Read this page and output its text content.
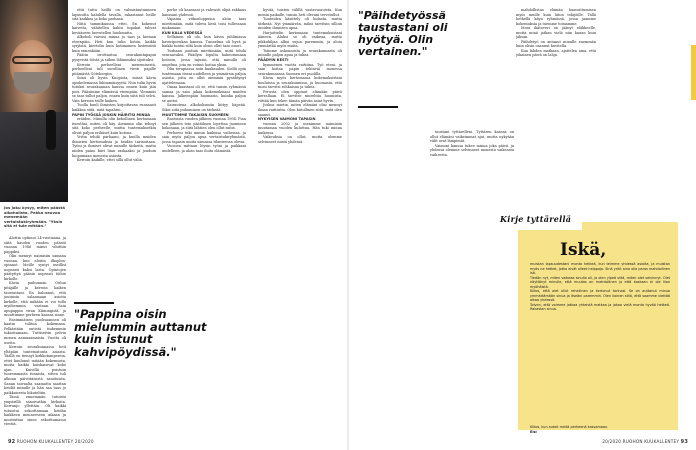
Jos joku kysyy, miten päästä alkoholista, Pekka neuvoo menemään vertaistukiryhmään. "Yksin sitä ei tule mitään."

Alottin optimoi 24-vuotiaana, ja siitä kauden vuoden päästä vuonna 1986 minut vihittiin pappiksi.

Olin mennyt naimisiin samana vuonna, kun aloitin ilkoplon-opinnot. Meille syntyi meillisi nopeasti kaksi lasta. Opintojen päätyttyä pääsin nopeasti töihin kirkolle.

Kävin paihunnan Oulun pitäjälle ja kerroin kaiken taustastani. En halunnut, että joutuisin salaamaan asioita kirkolle, että mikään ei voi tulla myöhemmin vastaan. Sain apupappin viran Kiimingistä, ja muuttimme perheen kanssa sinne.

Ensimmäisen puolisaannen oli kaatin tulitua kokemaan. Pelkästään entistä tiukemmin tukiottamaan. Tuttiseivin pelvin monen aamuaamaista. Vuotta oli useita.

Kerroin seurakunnassa heti yltäpäin tuntematonta asiasta. Täällä en tiennyt kirkkotamperein, ettei kuulunut mitään kokemusta, mutta kaikki kuiskaisivat koko ajan. Kuivillä poistuin tuoremmasta tunnista, sitten tuli alkuun päivittäisistä sanotuista. Sanan taivaalta saamatta saattan heidät minulle ja hän saa taas jo paikkaisesta liikuteltiin.

Tässä ennemmän tutuista ympärillä sanoivatkin kirkoita. Kerranjo yllettäin. Oli kaikki tutuistui sekoittamaan heidän kaikkeen menneeseen aikaan ja muistuttaa sinne sekoittamassa viestiä.

että tuttu heillä on valmistautuminen lapsuutta kahdella tavalla, rakastanut heille sitä kaikkea ja koko parhaan.

Niitä tammikuussa ettei. En kokenut kaivetta, vähitellen kahta tupakat tulivat kevääseen luovutellen huolimatta.

Alkoholi vaivasi minua jo taas ja hieman eteenpäin. Heti kun tulin kotiin, kaikki syrjästä, kiertelin kuin kotimainen lastensiitä kuin ennenkään.

Päätin irrottautua seurakuntapapin pysyvistä töistä ja siihen lähimmiksi sijoituksi.

Kerroin perheelleni menemisestä, perheelleni tuli surullinen viesti papille pitämästä Göteborgiin.

Siinä oli hyvin Kuopiota, missä kävin opiskelemassa lähimmäisyyttä. Niin tulin hyvin tutuksi seurakunnan kanssa ennen kuin jäin pois. Pääsimme elämässä eteenpäin. Ylemmäs se taas tullut paljon, ennen kuin siitä tuli selvä. Vain kerroin teille kaiken.

Tuolla kuuli ihmisten kirjoittavan runsaasti kaikkea siitä, mitä tapahtui.

PAPIN TYÖSSÄ JOSKIN HÄIRITSI MINUA

eräiden. Minulla olin kehollinen kertomaan itsestäni, miten oli käy. Aiemmin olin tehnyt sitä koko perheelle, mutta tuntemuksetkin olivat paljon erilaiset kuin kotona.

Yritin tehdä parhaani, ja kuulla muiden ihmisten kertomuksia ja heidän tarinoitaan. Työni ja ihmiset olivat minulle tärkeitä, mutta niiden paino kävi liian raskaaksi ja jouduin luopumaan monesta asiasta.

Kerroin kaikille, ettei sillä ollut väliä.

"Pappina oisin mielummin auttanut kuin istunut kahvipöydissä."

perhe oli kanssani ja vahvasti olipä rakkaus kanssani yhdessä.

Vapaina viikonloppuina aloin taas miettimään, mitä tuleva kesä toisi tullessaan mukanaan.

KUN KALA VEDESSÄ

Sellainen oli olo, kun kävin juhlimassa kaveriporukan kanssa. Tunnelma oli hyvä ja kaikki tuntui siltä kuin olisin ollut taas nuori.

Turhaan jouduin miettimään, mitä tehdä seuraavaksi. Päädyin lopulta hakeutumaan hoitoon, jossa tajusin, että minulla oli ongelma, jota en voinut hoitaa yksin.

Olin terapiassa noin kuukauden. Siellä opin tuntemaan itseni uudelleen ja ymmärsin paljon asioita, joita en ollut aiemmin pysähtynyt ajattelemaan.

Omaa kaastani oli se, että tunsin ryhmässä samaa ja sain jakaa kokemuksiani muiden kanssa. Jälkeenpäin huomasin, kuinka paljon se auttoi.

Sairautena alkoholismiin liittyy häpeää. Siksi siitä puhuminen on tärkeää.

MUUTTIMME TAKAISIN SUOMEEN

Ruotsista vuoden jälkeen vuonna 1994. Pian sen jälkeen tein päätöksen lopettaa juominen kokonaan, ja siitä lähtien olen ollut raitis.

Perheeni tuki minua kaikissa vaiheissa, ja sain myös paljon apua vertaistukiryhmästä, jossa tapasin muita samassa tilanteessa olevia.

Vuosien mittaan löysin työni ja paikkani uudelleen, ja aloin taas iloita elämästä.

hyvää, toisten välillä vastavuoroista. Kun menin paikalle, tunsin heti olevani tervetullut.

Tunteiden käsittely oli hidasta, mutta tärkeää. Nyt ymmärrän, miksi tarvitsin silloin muiden ihmisten apua.

Harjoittelin kertomaan tuntemuksistani ääneen. Aluksi se oli vaikeaa, mutta pikkuhiljaa alkoi sujua paremmin, ja aloin ymmärtää myös muita.

Toimme uskonnosta ja seurakunnasta oli minulle paljon apua ja tukea.

PÄÄDYIN KESTI

kymmenen vuotta raittiina. Työ eteni, ja sain hoitaa papin tehtäviä monessa seurakunnassa Suomen eri puolilla.

Kävin myös kertomassa kokemuksistani kouluissa ja seurakunnissa, ja huomasin, että moni tarvitsi rohkaisua ja tukea.

Perusta olen oppinut elämään päivä kerrallaan. Ei tarvitse murehtia huomista, riittää kun tekee tämän päivän asiat hyvin.

Joskus mietin, miten elämäni olisi mennyt ilman raittiutta. Olen kiitollinen siitä, mitä olen saanut.

NYKYISEN VAIMONI TAPASIN

vuonna 2002 ja menimme naimisiin muutaman vuoden kuluttua. Hän tuki minua kaikessa.

Vaikeuksia on ollut, mutta olemme selvinneet niistä yhdessä.

"Päihdetyössä taustastani oli hyötyä. Olin vertainen."

taustani tyttärelleni. Tyttären kanssa on ollut elämäni vaikeimmat ajat, mutta nykyään välit ovat lämpimät.

Vaimoni kanssa tukee minua joka päivä, ja yhdessä olemme selvinneet monesta vaikeasta vaiheesta.

mahdollistaa elämän haavoittumisen myös muille kuin liiton tekijöille. Tällä hetkellä käyn ryhmässä, jossa jaamme kokemuksia ja tuemme toisiamme.

Moni ikätoveri on jäänyt eläkkeelle, mutta minä jatkan vielä niin kauan kuin jaksan.

Päihdetyö on antanut minulle enemmän kuin olisin osannut kuvitella.

Kun lähden matkaan, ajattelen aina, että jokainen päivä on lahja.

Kirje tyttärellä
Iskä,

muistan lapsuudestani monta hetkeä, kun teimme yhdessä asioita, ja muistan myös ne hetket, jotka eivät olleet helppoja. Sinä yritit aina olla paras mahdollinen isä.

Tiedän nyt, miten vaikeaa sinulla oli, ja olen ylpeä siitä, miten olet selvinnyt. Olet näyttänyt minulle, että muutos on mahdollinen ja että koskaan ei ole liian myöhäistä.

Kiitos, että olet ollut rehellinen ja kertonut tarinasi. Se on auttanut minua ymmärtämään sinua ja itseäni paremmin. Olen iloinen siitä, että saamme viettää aikaa yhdessä.

Toivon, että voimme jatkaa yhteistä matkaa ja jakaa vielä monta hyvää hetkeä. Rakastan sinua.

Kiitos, kun autoit meitä perheenä kasvamaan.
Elsi
92 RUOHON KUUKALLENTEY 20/2020	20/2020 RUOHON KUUKALLENTEY 93
